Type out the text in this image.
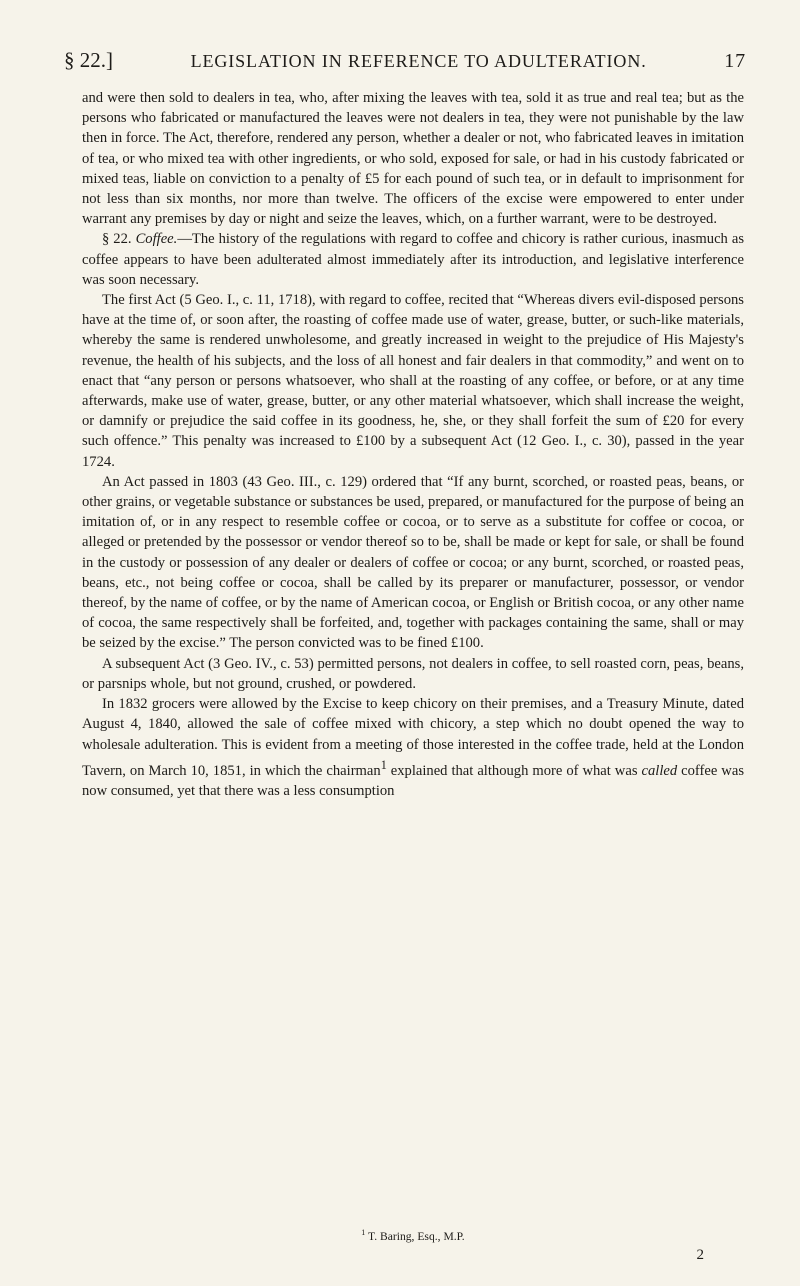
§ 22.]	LEGISLATION IN REFERENCE TO ADULTERATION.	17

and were then sold to dealers in tea, who, after mixing the leaves with tea, sold it as true and real tea; but as the persons who fabricated or manufactured the leaves were not dealers in tea, they were not punishable by the law then in force. The Act, therefore, rendered any person, whether a dealer or not, who fabricated leaves in imitation of tea, or who mixed tea with other ingredients, or who sold, exposed for sale, or had in his custody fabricated or mixed teas, liable on conviction to a penalty of £5 for each pound of such tea, or in default to imprisonment for not less than six months, nor more than twelve. The officers of the excise were empowered to enter under warrant any premises by day or night and seize the leaves, which, on a further warrant, were to be destroyed.

§ 22. Coffee.—The history of the regulations with regard to coffee and chicory is rather curious, inasmuch as coffee appears to have been adulterated almost immediately after its introduction, and legislative interference was soon necessary.

The first Act (5 Geo. I., c. 11, 1718), with regard to coffee, recited that “Whereas divers evil-disposed persons have at the time of, or soon after, the roasting of coffee made use of water, grease, butter, or such-like materials, whereby the same is rendered unwholesome, and greatly increased in weight to the prejudice of His Majesty's revenue, the health of his subjects, and the loss of all honest and fair dealers in that commodity,” and went on to enact that “any person or persons whatsoever, who shall at the roasting of any coffee, or before, or at any time afterwards, make use of water, grease, butter, or any other material whatsoever, which shall increase the weight, or damnify or prejudice the said coffee in its goodness, he, she, or they shall forfeit the sum of £20 for every such offence.” This penalty was increased to £100 by a subsequent Act (12 Geo. I., c. 30), passed in the year 1724.

An Act passed in 1803 (43 Geo. III., c. 129) ordered that “If any burnt, scorched, or roasted peas, beans, or other grains, or vegetable substance or substances be used, prepared, or manufactured for the purpose of being an imitation of, or in any respect to resemble coffee or cocoa, or to serve as a substitute for coffee or cocoa, or alleged or pretended by the possessor or vendor thereof so to be, shall be made or kept for sale, or shall be found in the custody or possession of any dealer or dealers of coffee or cocoa; or any burnt, scorched, or roasted peas, beans, etc., not being coffee or cocoa, shall be called by its preparer or manufacturer, possessor, or vendor thereof, by the name of coffee, or by the name of American cocoa, or English or British cocoa, or any other name of cocoa, the same respectively shall be forfeited, and, together with packages containing the same, shall or may be seized by the excise.” The person convicted was to be fined £100.

A subsequent Act (3 Geo. IV., c. 53) permitted persons, not dealers in coffee, to sell roasted corn, peas, beans, or parsnips whole, but not ground, crushed, or powdered.

In 1832 grocers were allowed by the Excise to keep chicory on their premises, and a Treasury Minute, dated August 4, 1840, allowed the sale of coffee mixed with chicory, a step which no doubt opened the way to wholesale adulteration. This is evident from a meeting of those interested in the coffee trade, held at the London Tavern, on March 10, 1851, in which the chairman$^1$ explained that although more of what was called coffee was now consumed, yet that there was a less consumption

$^1$ T. Baring, Esq., M.P.
2
